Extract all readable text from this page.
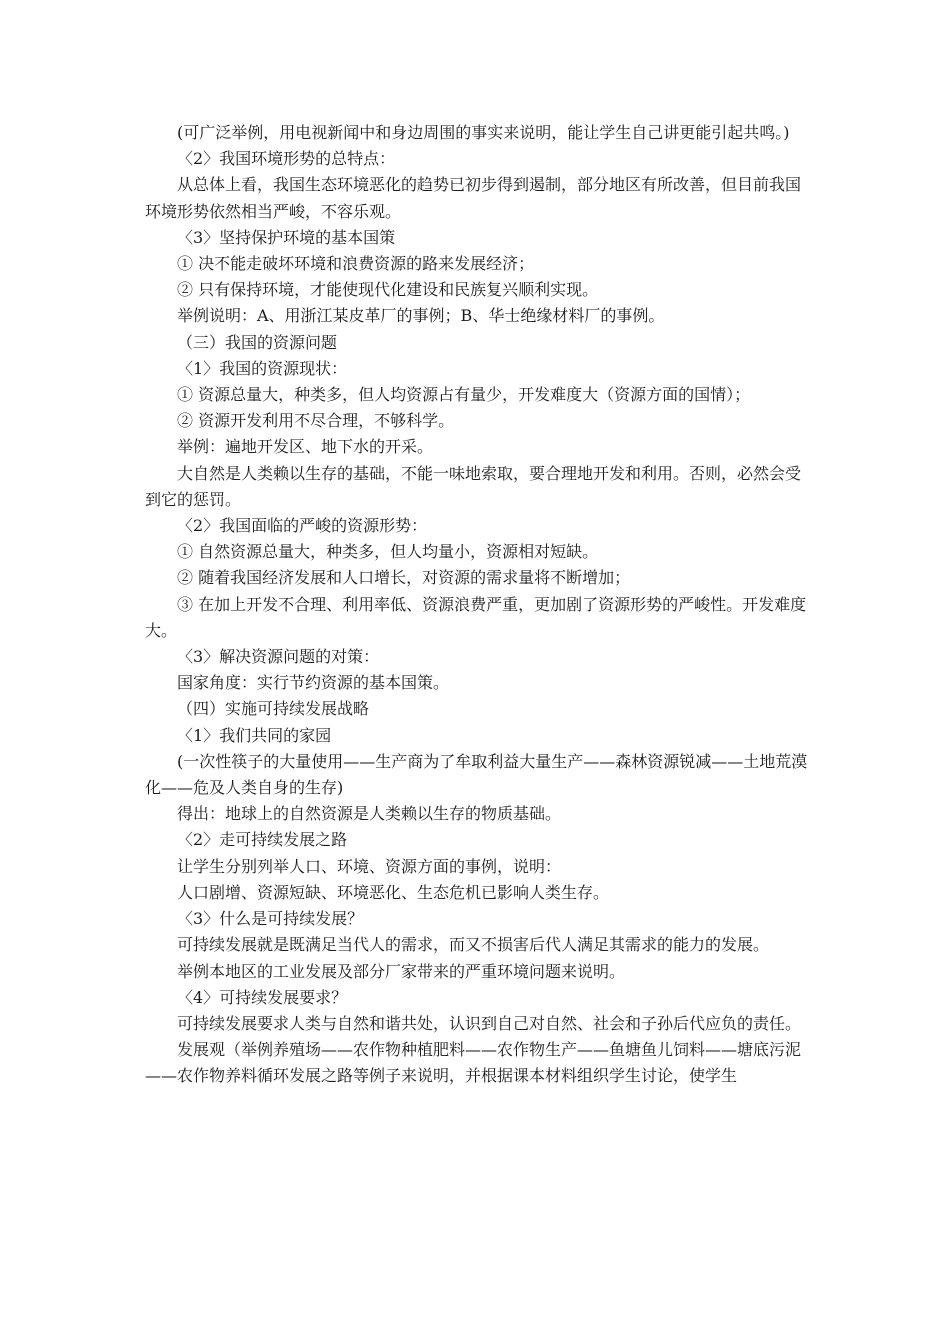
(可广泛举例，用电视新闻中和身边周围的事实来说明，能让学生自己讲更能引起共鸣。)

〈2〉我国环境形势的总特点：

从总体上看，我国生态环境恶化的趋势已初步得到遏制，部分地区有所改善，但目前我国环境形势依然相当严峻，不容乐观。

〈3〉坚持保护环境的基本国策

① 决不能走破坏环境和浪费资源的路来发展经济；

② 只有保持环境，才能使现代化建设和民族复兴顺利实现。

举例说明：A、用浙江某皮革厂的事例；B、华士绝缘材料厂的事例。

（三）我国的资源问题

〈1〉我国的资源现状：

① 资源总量大，种类多，但人均资源占有量少，开发难度大（资源方面的国情）；

② 资源开发利用不尽合理，不够科学。

举例：遍地开发区、地下水的开采。

大自然是人类赖以生存的基础，不能一味地索取，要合理地开发和利用。否则，必然会受到它的惩罚。

〈2〉我国面临的严峻的资源形势：

① 自然资源总量大，种类多，但人均量小，资源相对短缺。

② 随着我国经济发展和人口增长，对资源的需求量将不断增加；

③ 在加上开发不合理、利用率低、资源浪费严重，更加剧了资源形势的严峻性。开发难度大。

〈3〉解决资源问题的对策：

国家角度：实行节约资源的基本国策。

（四）实施可持续发展战略

〈1〉我们共同的家园

(一次性筷子的大量使用——生产商为了牟取利益大量生产——森林资源锐减——土地荒漠化——危及人类自身的生存)

得出：地球上的自然资源是人类赖以生存的物质基础。

〈2〉走可持续发展之路

让学生分别列举人口、环境、资源方面的事例，说明：

人口剧增、资源短缺、环境恶化、生态危机已影响人类生存。

〈3〉什么是可持续发展？

可持续发展就是既满足当代人的需求，而又不损害后代人满足其需求的能力的发展。

举例本地区的工业发展及部分厂家带来的严重环境问题来说明。

〈4〉可持续发展要求？

可持续发展要求人类与自然和谐共处，认识到自己对自然、社会和子孙后代应负的责任。

发展观（举例养殖场——农作物种植肥料——农作物生产——鱼塘鱼儿饲料——塘底污泥——农作物养料循环发展之路等例子来说明，并根据课本材料组织学生讨论，使学生
